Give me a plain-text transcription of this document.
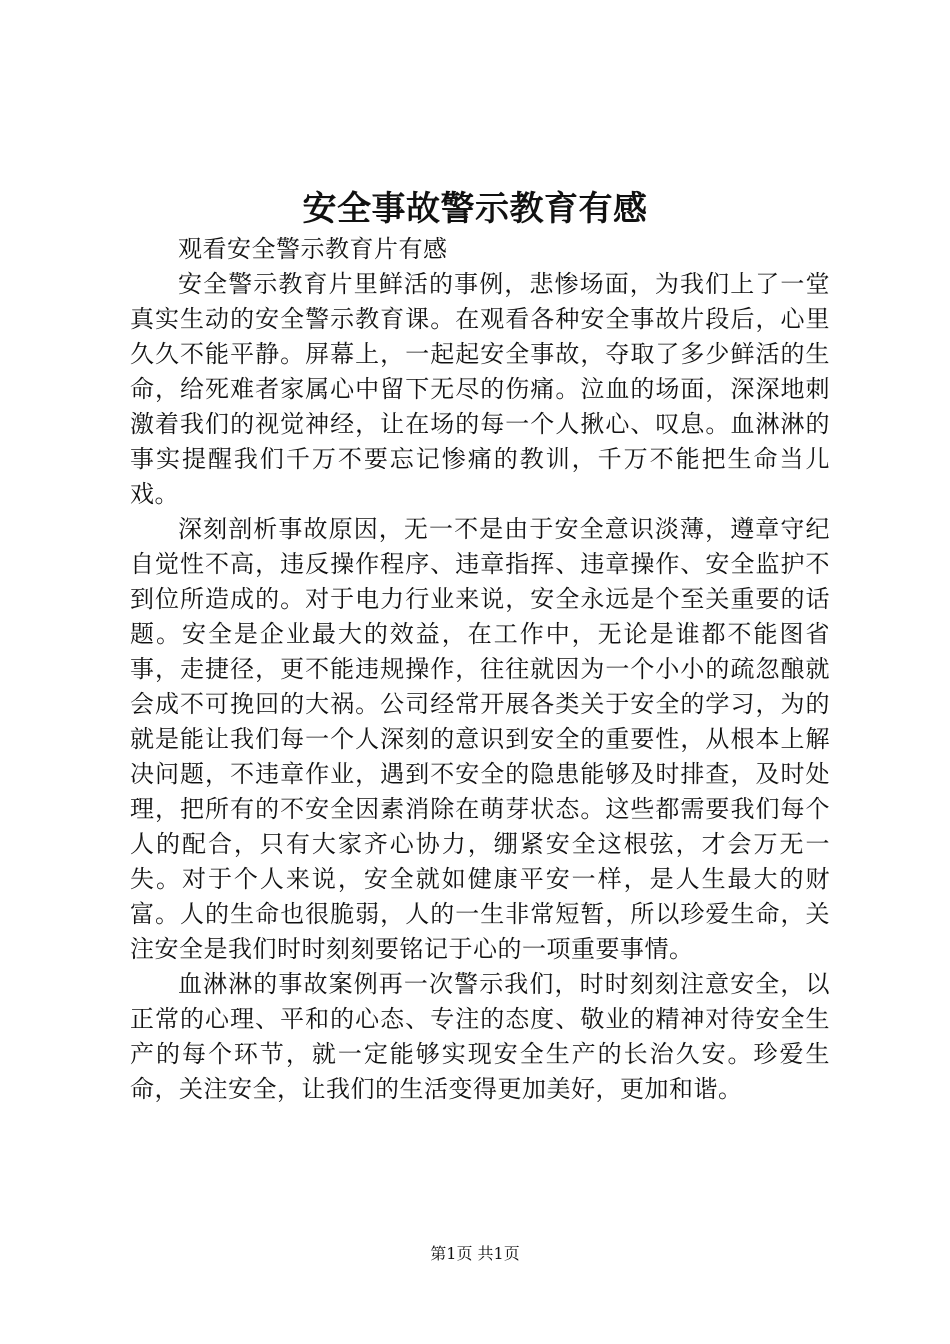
安全事故警示教育有感

观看安全警示教育片有感

安全警示教育片里鲜活的事例，悲惨场面，为我们上了一堂真实生动的安全警示教育课。在观看各种安全事故片段后，心里久久不能平静。屏幕上，一起起安全事故，夺取了多少鲜活的生命，给死难者家属心中留下无尽的伤痛。泣血的场面，深深地刺激着我们的视觉神经，让在场的每一个人揪心、叹息。血淋淋的事实提醒我们千万不要忘记惨痛的教训，千万不能把生命当儿戏。

深刻剖析事故原因，无一不是由于安全意识淡薄，遵章守纪自觉性不高，违反操作程序、违章指挥、违章操作、安全监护不到位所造成的。对于电力行业来说，安全永远是个至关重要的话题。安全是企业最大的效益，在工作中，无论是谁都不能图省事，走捷径，更不能违规操作，往往就因为一个小小的疏忽酿就会成不可挽回的大祸。公司经常开展各类关于安全的学习，为的就是能让我们每一个人深刻的意识到安全的重要性，从根本上解决问题，不违章作业，遇到不安全的隐患能够及时排查，及时处理，把所有的不安全因素消除在萌芽状态。这些都需要我们每个人的配合，只有大家齐心协力，绷紧安全这根弦，才会万无一失。对于个人来说，安全就如健康平安一样，是人生最大的财富。人的生命也很脆弱，人的一生非常短暂，所以珍爱生命，关注安全是我们时时刻刻要铭记于心的一项重要事情。

血淋淋的事故案例再一次警示我们，时时刻刻注意安全，以正常的心理、平和的心态、专注的态度、敬业的精神对待安全生产的每个环节，就一定能够实现安全生产的长治久安。珍爱生命，关注安全，让我们的生活变得更加美好，更加和谐。

第1页 共1页
